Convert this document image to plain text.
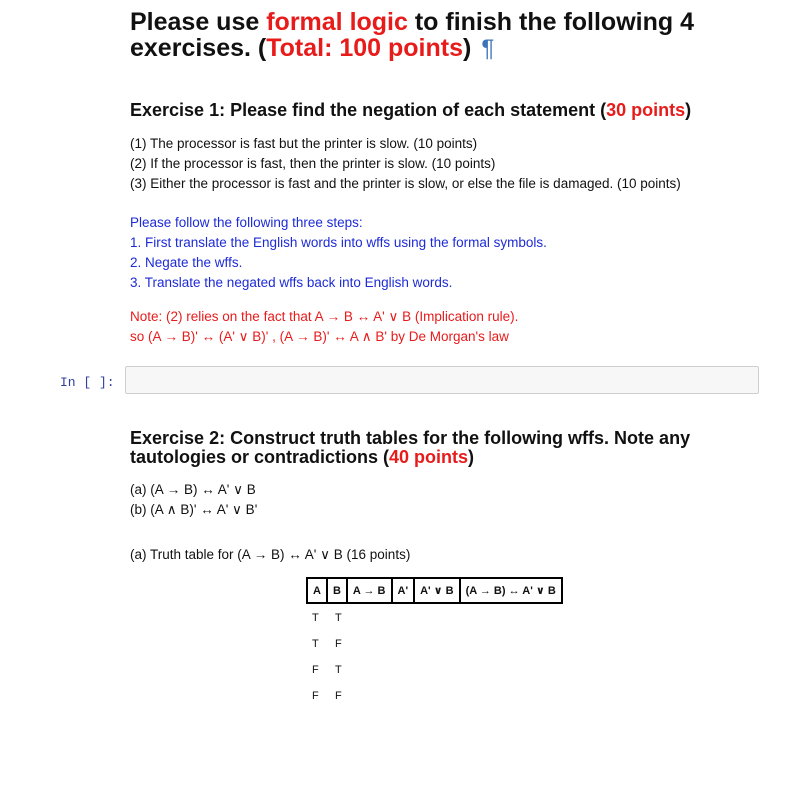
Please use formal logic to finish the following 4 exercises. (Total: 100 points) ¶
Exercise 1: Please find the negation of each statement (30 points)
(1) The processor is fast but the printer is slow. (10 points)
(2) If the processor is fast, then the printer is slow. (10 points)
(3) Either the processor is fast and the printer is slow, or else the file is damaged. (10 points)
Please follow the following three steps:
1. First translate the English words into wffs using the formal symbols.
2. Negate the wffs.
3. Translate the negated wffs back into English words.
Note: (2) relies on the fact that A → B ↔ A' ∨ B (Implication rule).
so (A → B)' ↔ (A' ∨ B)' , (A → B)' ↔ A ∧ B' by De Morgan's law
In [ ]:
Exercise 2: Construct truth tables for the following wffs. Note any tautologies or contradictions (40 points)
(a) (A → B) ↔ A' ∨ B
(b) (A ∧ B)' ↔ A' ∨ B'
(a) Truth table for (A → B) ↔ A' ∨ B (16 points)
A	B	A → B	A'	A' ∨ B	(A → B) ↔ A' ∨ B
T T
T F
F T
F F
